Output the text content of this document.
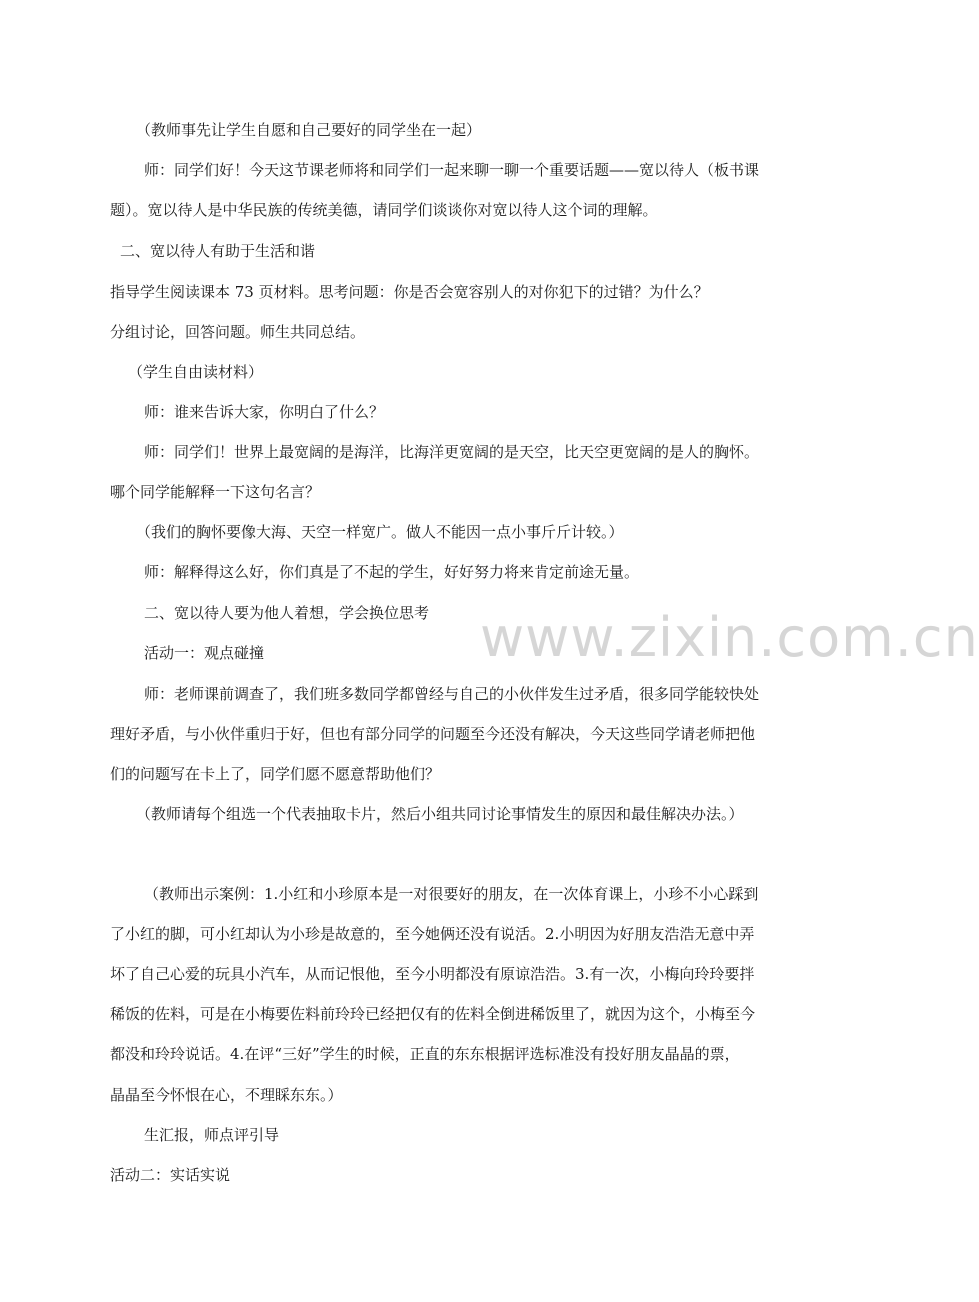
www.zixin.com.cn
（教师事先让学生自愿和自己要好的同学坐在一起）
师：同学们好！今天这节课老师将和同学们一起来聊一聊一个重要话题——宽以待人（板书课
题）。宽以待人是中华民族的传统美德，请同学们谈谈你对宽以待人这个词的理解。
二、宽以待人有助于生活和谐
指导学生阅读课本 73 页材料。思考问题：你是否会宽容别人的对你犯下的过错？为什么？
分组讨论，回答问题。师生共同总结。
（学生自由读材料）
师：谁来告诉大家，你明白了什么？
师：同学们！世界上最宽阔的是海洋，比海洋更宽阔的是天空，比天空更宽阔的是人的胸怀。
哪个同学能解释一下这句名言？
（我们的胸怀要像大海、天空一样宽广。做人不能因一点小事斤斤计较。）
师：解释得这么好，你们真是了不起的学生，好好努力将来肯定前途无量。
二、宽以待人要为他人着想，学会换位思考
活动一：观点碰撞
师：老师课前调查了，我们班多数同学都曾经与自己的小伙伴发生过矛盾，很多同学能较快处
理好矛盾，与小伙伴重归于好，但也有部分同学的问题至今还没有解决，今天这些同学请老师把他
们的问题写在卡上了，同学们愿不愿意帮助他们？
（教师请每个组选一个代表抽取卡片，然后小组共同讨论事情发生的原因和最佳解决办法。）
（教师出示案例：1.小红和小珍原本是一对很要好的朋友，在一次体育课上，小珍不小心踩到
了小红的脚，可小红却认为小珍是故意的，至今她俩还没有说活。2.小明因为好朋友浩浩无意中弄
坏了自己心爱的玩具小汽车，从而记恨他，至今小明都没有原谅浩浩。3.有一次，小梅向玲玲要拌
稀饭的佐料，可是在小梅要佐料前玲玲已经把仅有的佐料全倒进稀饭里了，就因为这个，小梅至今
都没和玲玲说话。4.在评“三好”学生的时候，正直的东东根据评选标准没有投好朋友晶晶的票，
晶晶至今怀恨在心，不理睬东东。）
生汇报，师点评引导
活动二：实话实说
